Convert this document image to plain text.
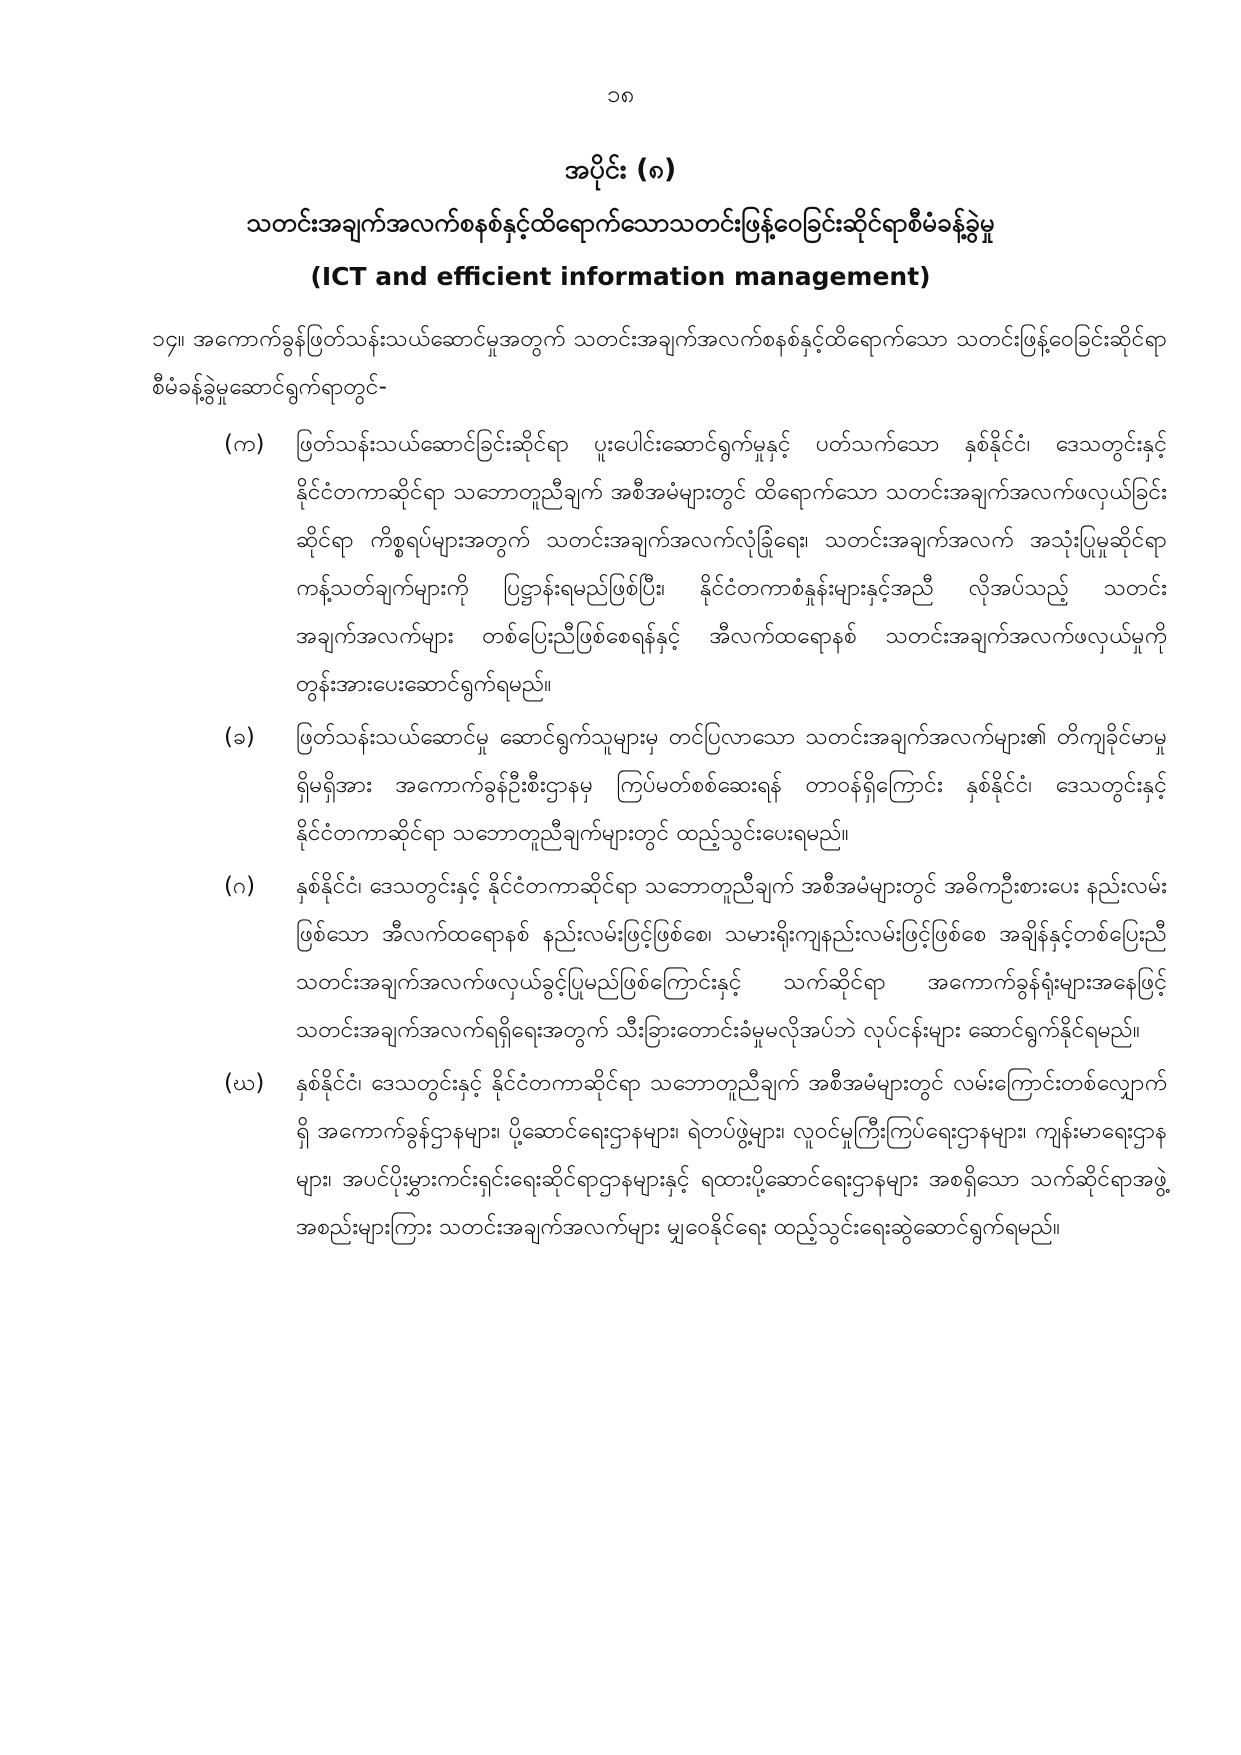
၁၈
အပိုင်း (၈)
သတင်းအချက်အလက်စနစ်နှင့်ထိရောက်သောသတင်းဖြန့်ဝေခြင်းဆိုင်ရာစီမံခန့်ခွဲမှု
(ICT and efficient information management)
၁၄။ အကောက်ခွန်ဖြတ်သန်းသယ်ဆောင်မှုအတွက် သတင်းအချက်အလက်စနစ်နှင့်ထိရောက်သော သတင်းဖြန့်ဝေခြင်းဆိုင်ရာ စီမံခန့်ခွဲမှုဆောင်ရွက်ရာတွင်-
(က)	ဖြတ်သန်းသယ်ဆောင်ခြင်းဆိုင်ရာ ပူးပေါင်းဆောင်ရွက်မှုနှင့် ပတ်သက်သော နှစ်နိုင်ငံ၊ ဒေသတွင်းနှင့် နိုင်ငံတကာဆိုင်ရာ သဘောတူညီချက် အစီအမံများတွင် ထိရောက်သော သတင်းအချက်အလက်ဖလှယ်ခြင်းဆိုင်ရာ ကိစ္စရပ်များအတွက် သတင်းအချက်အလက်လုံခြုံရေး၊ သတင်းအချက်အလက် အသုံးပြုမှုဆိုင်ရာ ကန့်သတ်ချက်များကို ပြဋ္ဌာန်းရမည်ဖြစ်ပြီး၊ နိုင်ငံတကာစံနှုန်းများနှင့်အညီ လိုအပ်သည့် သတင်းအချက်အလက်များ တစ်ပြေးညီဖြစ်စေရန်နှင့် အီလက်ထရောနစ် သတင်းအချက်အလက်ဖလှယ်မှုကို တွန်းအားပေးဆောင်ရွက်ရမည်။
(ခ)	ဖြတ်သန်းသယ်ဆောင်မှု ဆောင်ရွက်သူများမှ တင်ပြလာသော သတင်းအချက်အလက်များ၏ တိကျခိုင်မာမှုရှိမရှိအား အကောက်ခွန်ဦးစီးဌာနမှ ကြပ်မတ်စစ်ဆေးရန် တာဝန်ရှိကြောင်း နှစ်နိုင်ငံ၊ ဒေသတွင်းနှင့် နိုင်ငံတကာဆိုင်ရာ သဘောတူညီချက်များတွင် ထည့်သွင်းပေးရမည်။
(ဂ)	နှစ်နိုင်ငံ၊ ဒေသတွင်းနှင့် နိုင်ငံတကာဆိုင်ရာ သဘောတူညီချက် အစီအမံများတွင် အဓိကဦးစားပေး နည်းလမ်းဖြစ်သော အီလက်ထရောနစ် နည်းလမ်းဖြင့်ဖြစ်စေ၊ သမားရိုးကျနည်းလမ်းဖြင့်ဖြစ်စေ အချိန်နှင့်တစ်ပြေးညီ သတင်းအချက်အလက်ဖလှယ်ခွင့်ပြုမည်ဖြစ်ကြောင်းနှင့် သက်ဆိုင်ရာ အကောက်ခွန်ရုံးများအနေဖြင့် သတင်းအချက်အလက်ရရှိရေးအတွက် သီးခြားတောင်းခံမှုမလိုအပ်ဘဲ လုပ်ငန်းများ ဆောင်ရွက်နိုင်ရမည်။
(ဃ)	နှစ်နိုင်ငံ၊ ဒေသတွင်းနှင့် နိုင်ငံတကာဆိုင်ရာ သဘောတူညီချက် အစီအမံများတွင် လမ်းကြောင်းတစ်လျှောက်ရှိ အကောက်ခွန်ဌာနများ၊ ပို့ဆောင်ရေးဌာနများ၊ ရဲတပ်ဖွဲ့များ၊ လူဝင်မှုကြီးကြပ်ရေးဌာနများ၊ ကျန်းမာရေးဌာနများ၊ အပင်ပိုးမွှားကင်းရှင်းရေးဆိုင်ရာဌာနများနှင့် ရထားပို့ဆောင်ရေးဌာနများ အစရှိသော သက်ဆိုင်ရာအဖွဲ့အစည်းများကြား သတင်းအချက်အလက်များ မျှဝေနိုင်ရေး ထည့်သွင်းရေးဆွဲဆောင်ရွက်ရမည်။
